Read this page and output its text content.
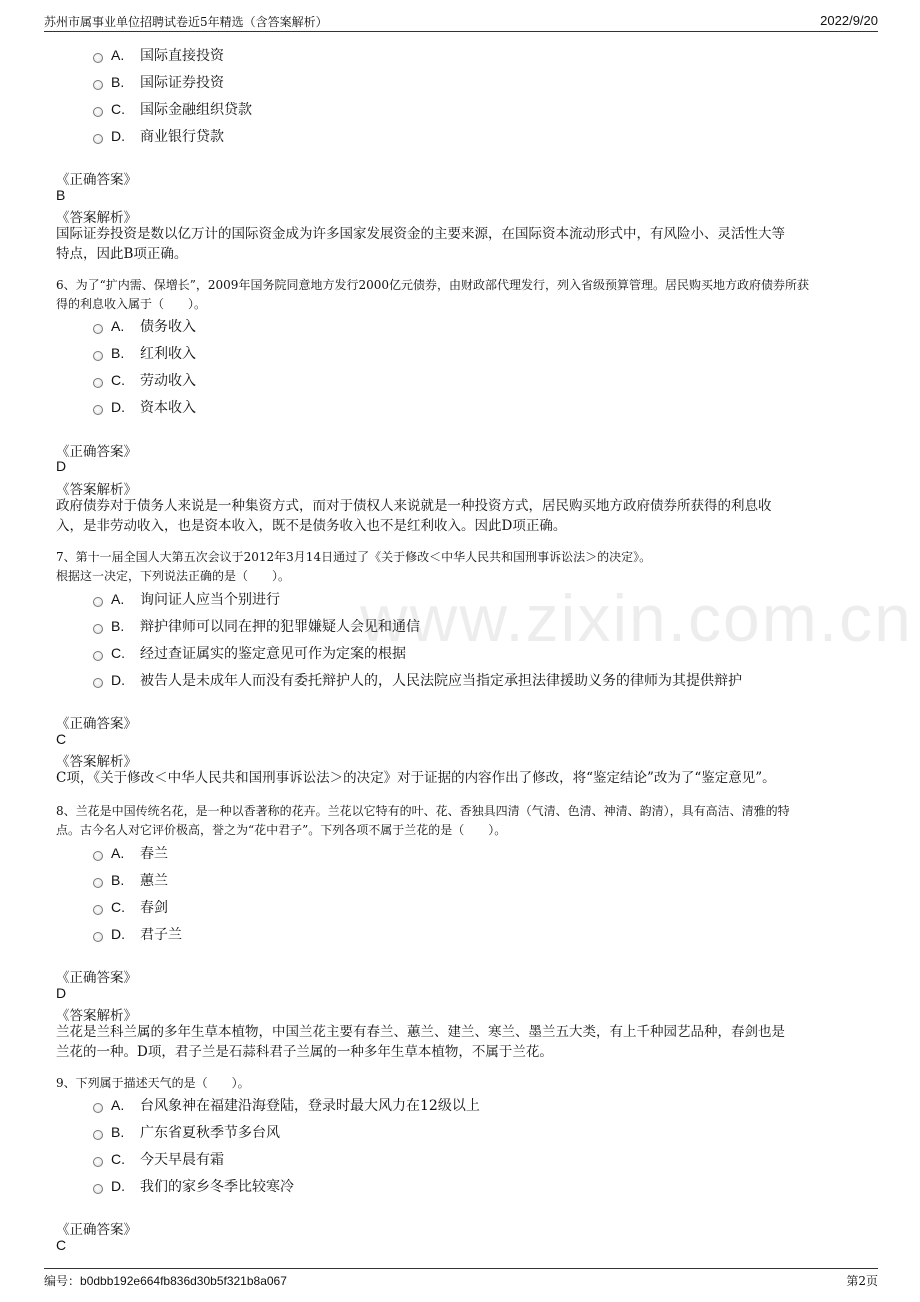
www.zixin.com.cn
苏州市属事业单位招聘试卷近5年精选（含答案解析）	2022/9/20
A.	国际直接投资
B.	国际证券投资
C.	国际金融组织贷款
D.	商业银行贷款
《正确答案》
B
《答案解析》
国际证券投资是数以亿万计的国际资金成为许多国家发展资金的主要来源，在国际资本流动形式中，有风险小、灵活性大等
特点，因此B项正确。
6、为了“扩内需、保增长”，2009年国务院同意地方发行2000亿元债券，由财政部代理发行，列入省级预算管理。居民购买地方政府债券所获
得的利息收入属于（　　）。
A.	债务收入
B.	红利收入
C.	劳动收入
D.	资本收入
《正确答案》
D
《答案解析》
政府债券对于债务人来说是一种集资方式，而对于债权人来说就是一种投资方式，居民购买地方政府债券所获得的利息收
入，是非劳动收入，也是资本收入，既不是债务收入也不是红利收入。因此D项正确。
7、第十一届全国人大第五次会议于2012年3月14日通过了《关于修改＜中华人民共和国刑事诉讼法＞的决定》。
根据这一决定，下列说法正确的是（　　）。
A.	询问证人应当个别进行
B.	辩护律师可以同在押的犯罪嫌疑人会见和通信
C.	经过查证属实的鉴定意见可作为定案的根据
D.	被告人是未成年人而没有委托辩护人的，人民法院应当指定承担法律援助义务的律师为其提供辩护
《正确答案》
C
《答案解析》
C项，《关于修改＜中华人民共和国刑事诉讼法＞的决定》对于证据的内容作出了修改，将“鉴定结论”改为了“鉴定意见”。
8、兰花是中国传统名花，是一种以香著称的花卉。兰花以它特有的叶、花、香独具四清（气清、色清、神清、韵清），具有高洁、清雅的特
点。古今名人对它评价极高，誉之为“花中君子”。下列各项不属于兰花的是（　　）。
A.	春兰
B.	蕙兰
C.	春剑
D.	君子兰
《正确答案》
D
《答案解析》
兰花是兰科兰属的多年生草本植物，中国兰花主要有春兰、蕙兰、建兰、寒兰、墨兰五大类，有上千种园艺品种，春剑也是
兰花的一种。D项，君子兰是石蒜科君子兰属的一种多年生草本植物，不属于兰花。
9、下列属于描述天气的是（　　）。
A.	台风象神在福建沿海登陆，登录时最大风力在12级以上
B.	广东省夏秋季节多台风
C.	今天早晨有霜
D.	我们的家乡冬季比较寒冷
《正确答案》
C
编号：b0dbb192e664fb836d30b5f321b8a067	第2页
